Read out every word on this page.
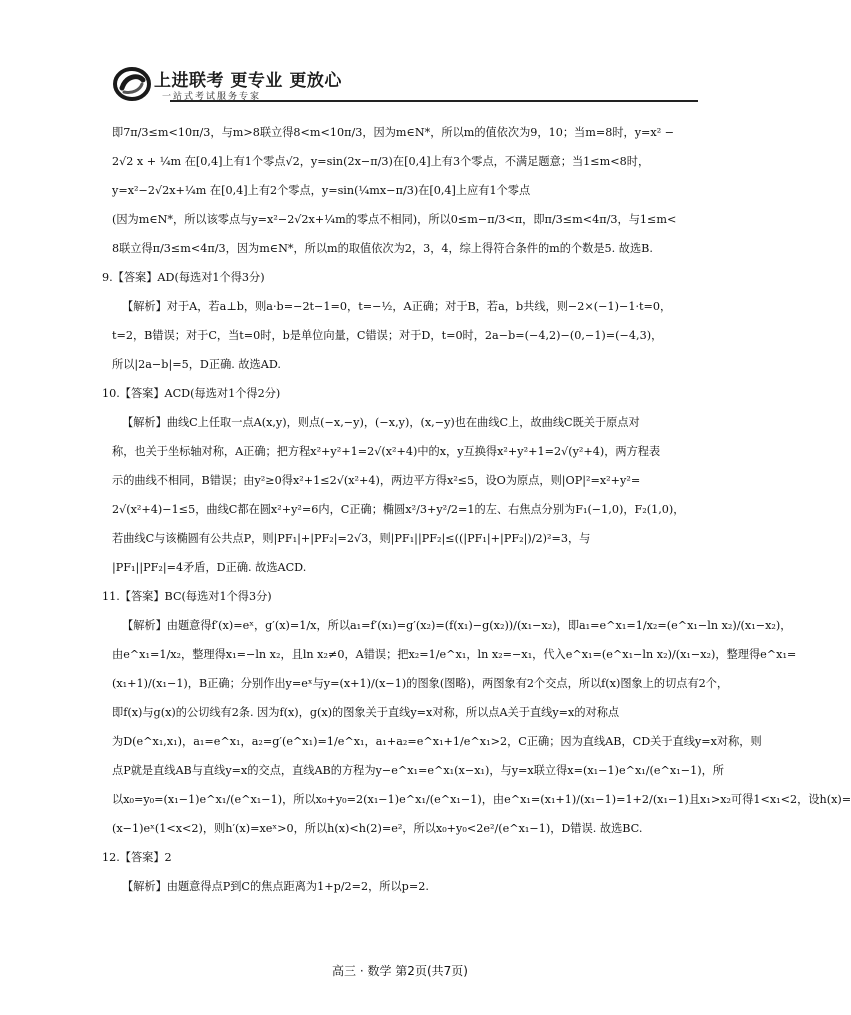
上进联考 更专业 更放心
一站式考试服务专家
即7π/3≤m<10π/3，与m>8联立得8<m<10π/3，因为m∈N*，所以m的值依次为9，10；当m=8时，y=x² −
2√2 x + ¼m 在[0,4]上有1个零点√2，y=sin(2x−π/3)在[0,4]上有3个零点，不满足题意；当1≤m<8时，
y=x²−2√2x+¼m 在[0,4]上有2个零点，y=sin(¼mx−π/3)在[0,4]上应有1个零点
(因为m∈N*，所以该零点与y=x²−2√2x+¼m的零点不相同)，所以0≤m−π/3<π，即π/3≤m<4π/3，与1≤m<
8联立得π/3≤m<4π/3，因为m∈N*，所以m的取值依次为2，3，4，综上得符合条件的m的个数是5. 故选B.
9.【答案】AD(每选对1个得3分)
【解析】对于A，若a⊥b，则a·b=−2t−1=0，t=−½，A正确；对于B，若a，b共线，则−2×(−1)−1·t=0，
t=2，B错误；对于C，当t=0时，b是单位向量，C错误；对于D，t=0时，2a−b=(−4,2)−(0,−1)=(−4,3)，
所以|2a−b|=5，D正确. 故选AD.
10.【答案】ACD(每选对1个得2分)
【解析】曲线C上任取一点A(x,y)，则点(−x,−y)，(−x,y)，(x,−y)也在曲线C上，故曲线C既关于原点对
称，也关于坐标轴对称，A正确；把方程x²+y²+1=2√(x²+4)中的x，y互换得x²+y²+1=2√(y²+4)，两方程表
示的曲线不相同，B错误；由y²≥0得x²+1≤2√(x²+4)，两边平方得x²≤5，设O为原点，则|OP|²=x²+y²=
2√(x²+4)−1≤5，曲线C都在圆x²+y²=6内，C正确；椭圆x²/3+y²/2=1的左、右焦点分别为F₁(−1,0)，F₂(1,0)，
若曲线C与该椭圆有公共点P，则|PF₁|+|PF₂|=2√3，则|PF₁||PF₂|≤((|PF₁|+|PF₂|)/2)²=3，与
|PF₁||PF₂|=4矛盾，D正确. 故选ACD.
11.【答案】BC(每选对1个得3分)
【解析】由题意得f′(x)=eˣ，g′(x)=1/x，所以a₁=f′(x₁)=g′(x₂)=(f(x₁)−g(x₂))/(x₁−x₂)，即a₁=e^x₁=1/x₂=(e^x₁−ln x₂)/(x₁−x₂)，
由e^x₁=1/x₂，整理得x₁=−ln x₂，且ln x₂≠0，A错误；把x₂=1/e^x₁，ln x₂=−x₁，代入e^x₁=(e^x₁−ln x₂)/(x₁−x₂)，整理得e^x₁=
(x₁+1)/(x₁−1)，B正确；分别作出y=eˣ与y=(x+1)/(x−1)的图象(图略)，两图象有2个交点，所以f(x)图象上的切点有2个，
即f(x)与g(x)的公切线有2条. 因为f(x)，g(x)的图象关于直线y=x对称，所以点A关于直线y=x的对称点
为D(e^x₁,x₁)，a₁=e^x₁，a₂=g′(e^x₁)=1/e^x₁，a₁+a₂=e^x₁+1/e^x₁>2，C正确；因为直线AB，CD关于直线y=x对称，则
点P就是直线AB与直线y=x的交点，直线AB的方程为y−e^x₁=e^x₁(x−x₁)，与y=x联立得x=(x₁−1)e^x₁/(e^x₁−1)，所
以x₀=y₀=(x₁−1)e^x₁/(e^x₁−1)，所以x₀+y₀=2(x₁−1)e^x₁/(e^x₁−1)，由e^x₁=(x₁+1)/(x₁−1)=1+2/(x₁−1)且x₁>x₂可得1<x₁<2，设h(x)=
(x−1)eˣ(1<x<2)，则h′(x)=xeˣ>0，所以h(x)<h(2)=e²，所以x₀+y₀<2e²/(e^x₁−1)，D错误. 故选BC.
12.【答案】2
【解析】由题意得点P到C的焦点距离为1+p/2=2，所以p=2.
高三 · 数学 第2页(共7页)
